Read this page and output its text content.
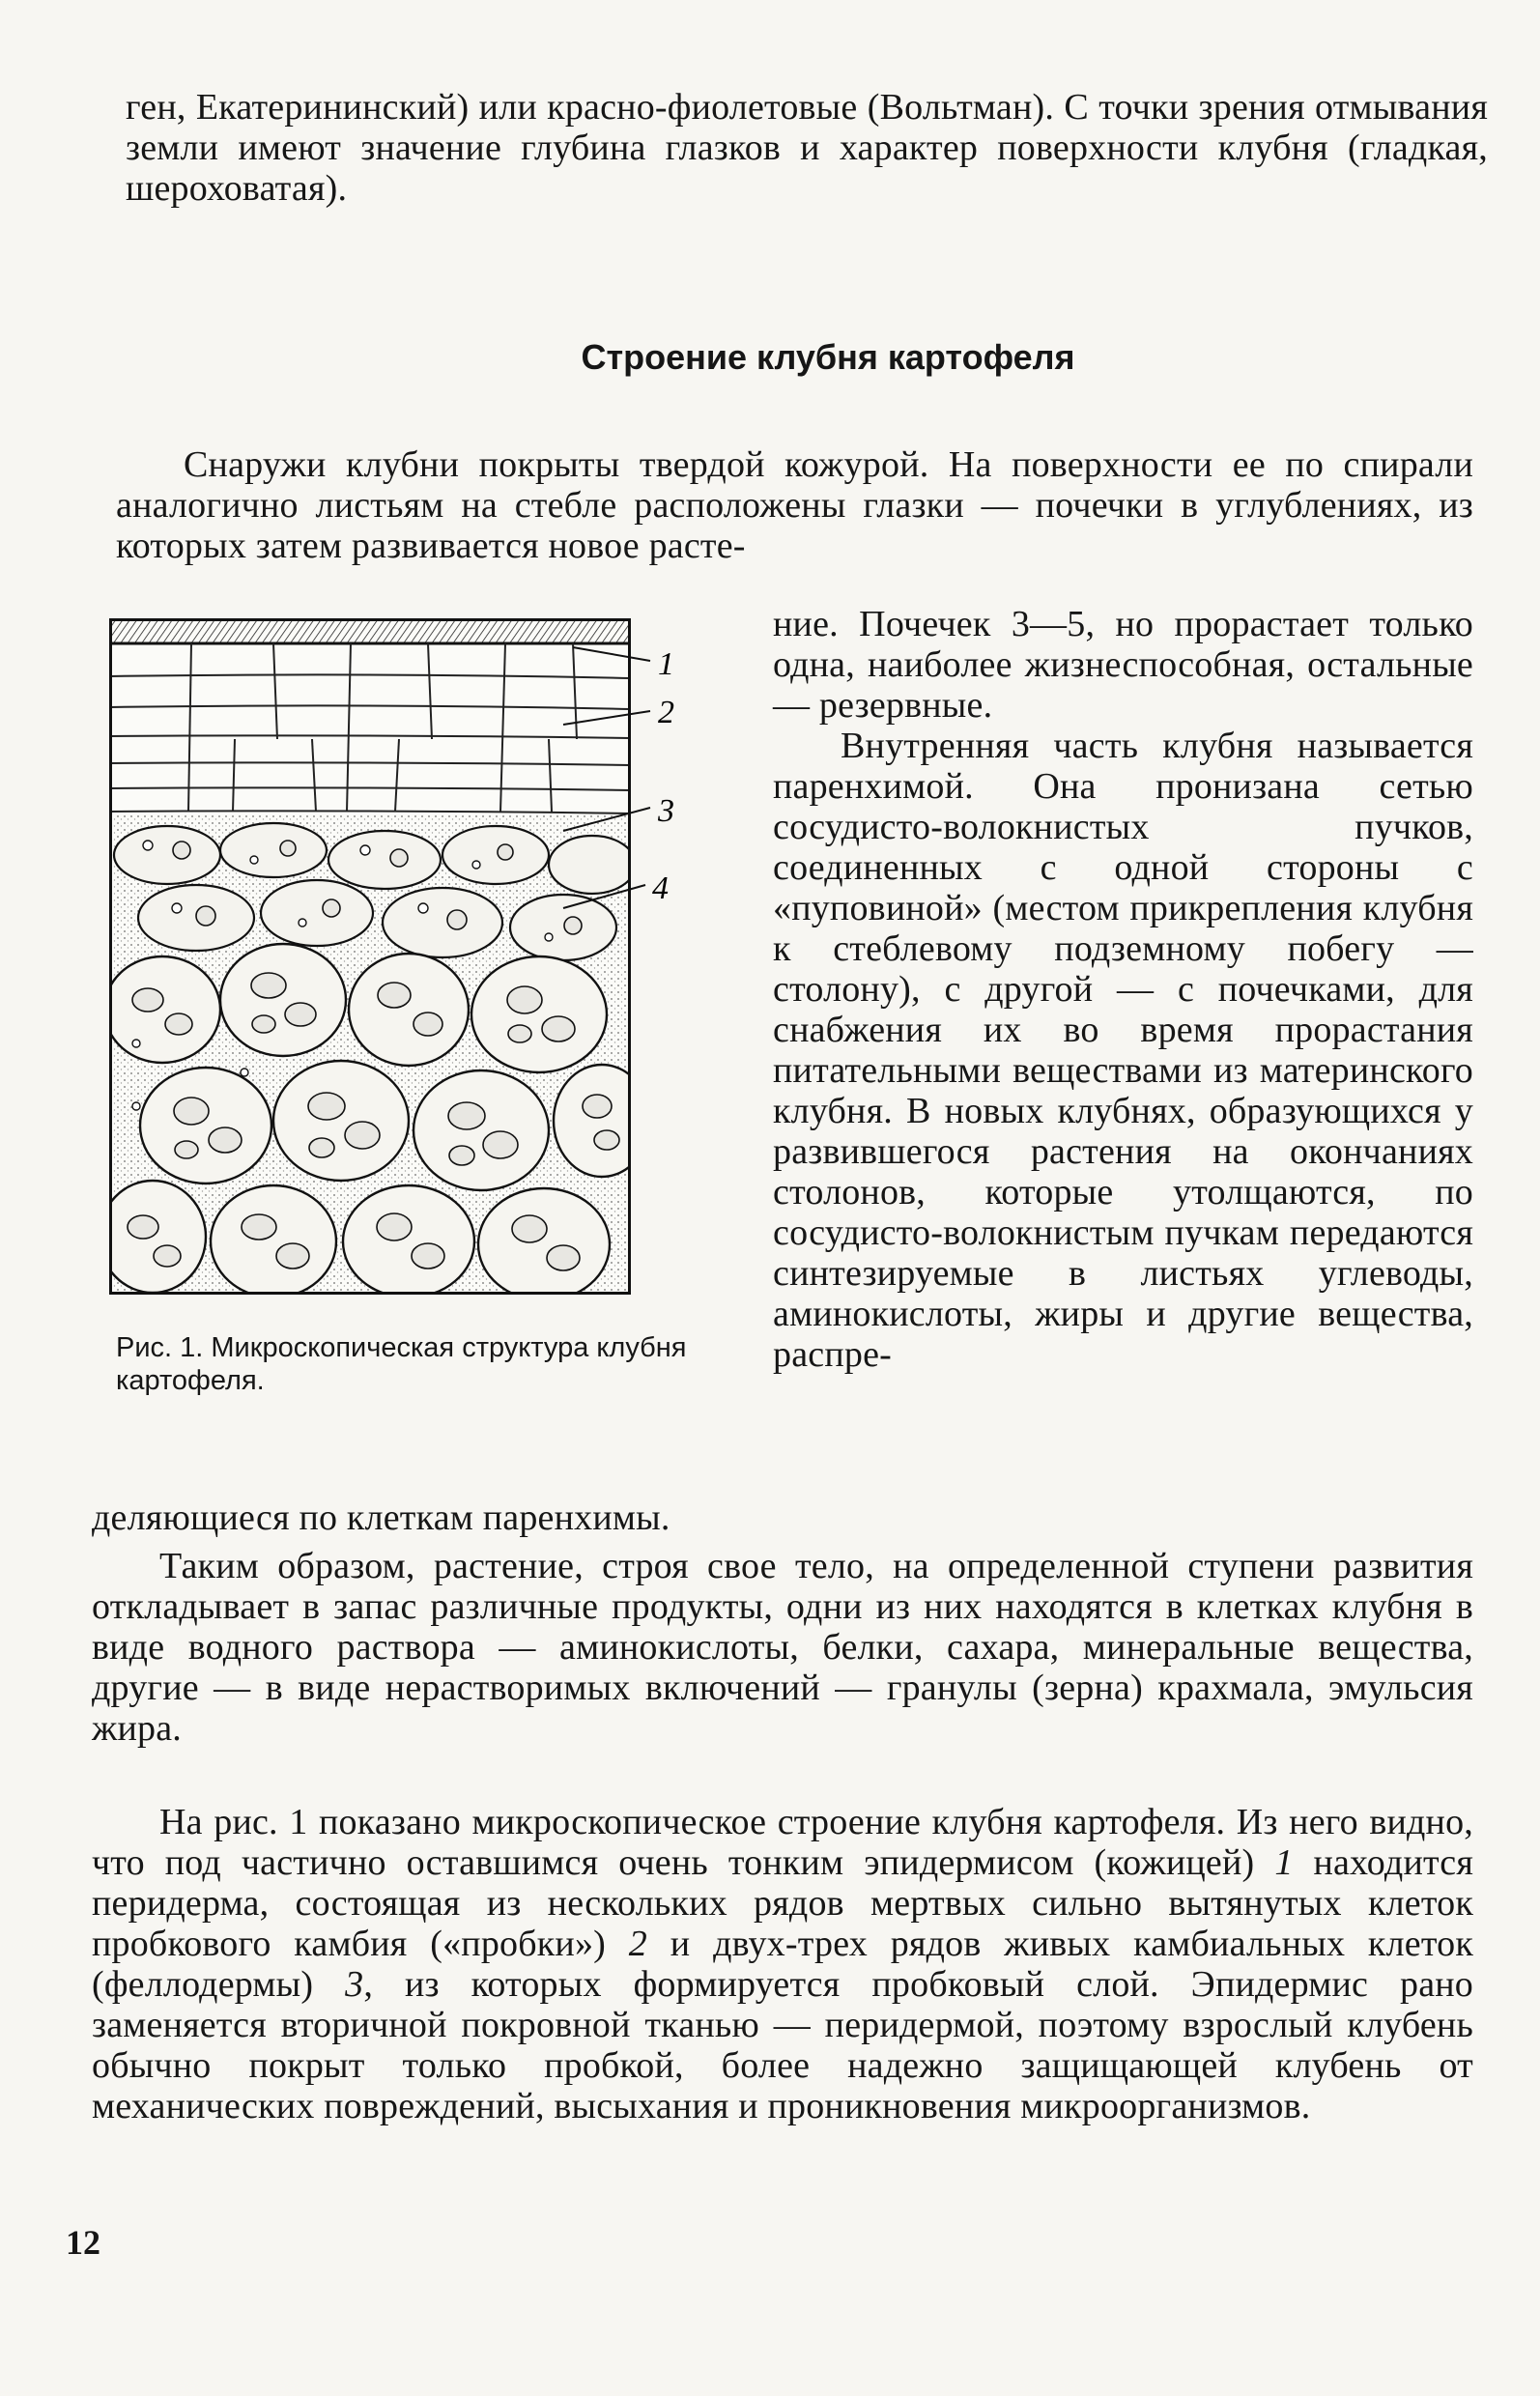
ген, Екатерининский) или красно-фиолетовые (Вольтман). С точки зрения отмывания земли имеют значение глубина глазков и характер поверхности клубня (гладкая, шероховатая).

Строение клубня картофеля

Снаружи клубни покрыты твердой кожурой. На поверхности ее по спирали аналогично листьям на стебле расположены глазки — почечки в углублениях, из которых затем развивается новое расте-

1
2
3
4
Рис. 1. Микроскопическая структура клубня картофеля.

ние. Почечек 3—5, но прорастает только одна, наиболее жизнеспособная, остальные — резервные.

Внутренняя часть клубня называется паренхимой. Она пронизана сетью сосудисто-волокнистых пучков, соединенных с одной стороны с «пуповиной» (местом прикрепления клубня к стеблевому подземному побегу — столону), с другой — с почечками, для снабжения их во время прорастания питательными веществами из материнского клубня. В новых клубнях, образующихся у развившегося растения на окончаниях столонов, которые утолщаются, по сосудисто-волокнистым пучкам передаются синтезируемые в листьях углеводы, аминокислоты, жиры и другие вещества, распре-

деляющиеся по клеткам паренхимы.

Таким образом, растение, строя свое тело, на определенной ступени развития откладывает в запас различные продукты, одни из них находятся в клетках клубня в виде водного раствора — аминокислоты, белки, сахара, минеральные вещества, другие — в виде нерастворимых включений — гранулы (зерна) крахмала, эмульсия жира.

На рис. 1 показано микроскопическое строение клубня картофеля. Из него видно, что под частично оставшимся очень тонким эпидермисом (кожицей) 1 находится перидерма, состоящая из нескольких рядов мертвых сильно вытянутых клеток пробкового камбия («пробки») 2 и двух-трех рядов живых камбиальных клеток (феллодермы) 3, из которых формируется пробковый слой. Эпидермис рано заменяется вторичной покровной тканью — перидермой, поэтому взрослый клубень обычно покрыт только пробкой, более надежно защищающей клубень от механических повреждений, высыхания и проникновения микроорганизмов.

12
